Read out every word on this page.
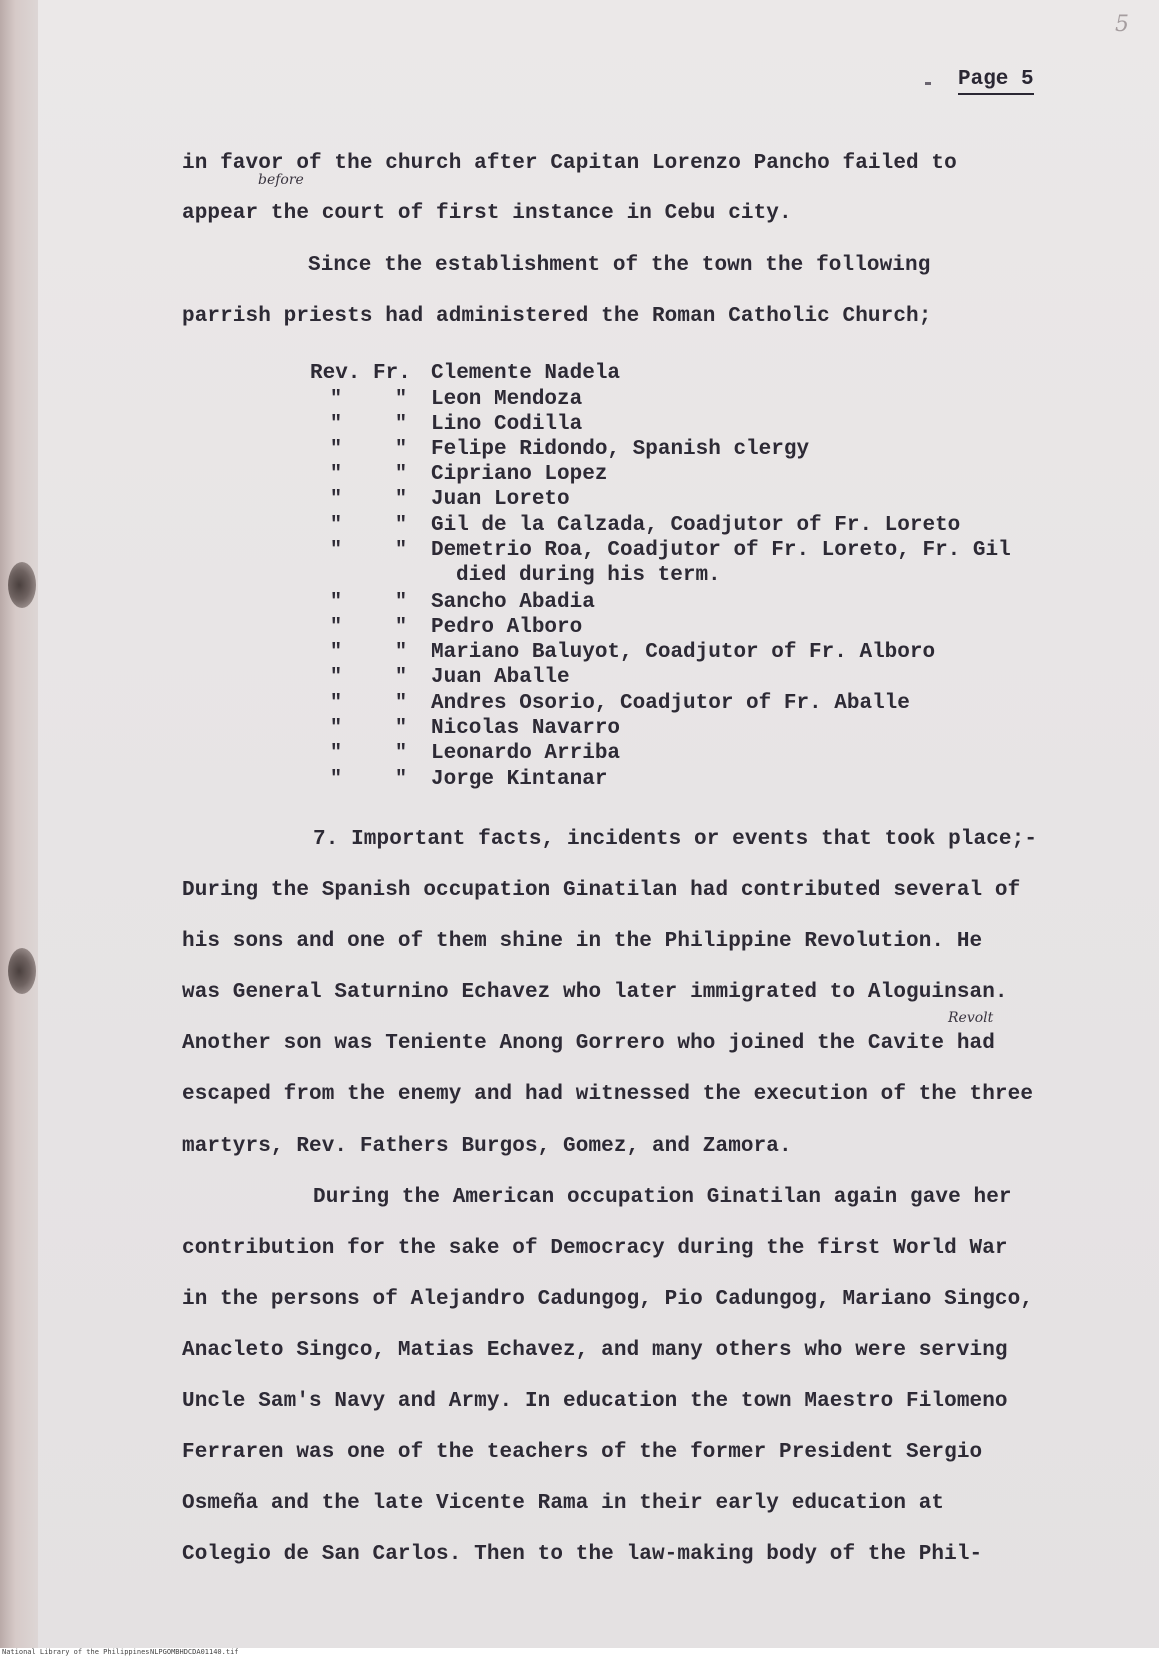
5
Page 5
in favor of the church after Capitan Lorenzo Pancho failed to
before
appear the court of first instance in Cebu city.
Since the establishment of the town the following
parrish priests had administered the Roman Catholic Church;
Rev. Fr. Clemente Nadela
"	" Leon Mendoza
"	" Lino Codilla
"	" Felipe Ridondo, Spanish clergy
"	" Cipriano Lopez
"	" Juan Loreto
"	" Gil de la Calzada, Coadjutor of Fr. Loreto
"	" Demetrio Roa, Coadjutor of Fr. Loreto, Fr. Gil
died during his term.
"	" Sancho Abadia
"	" Pedro Alboro
"	" Mariano Baluyot, Coadjutor of Fr. Alboro
"	" Juan Aballe
"	" Andres Osorio, Coadjutor of Fr. Aballe
"	" Nicolas Navarro
"	" Leonardo Arriba
"	" Jorge Kintanar
7. Important facts, incidents or events that took place;-
During the Spanish occupation Ginatilan had contributed several of
his sons and one of them shine in the Philippine Revolution. He
was General Saturnino Echavez who later immigrated to Aloguinsan.
Revolt
Another son was Teniente Anong Gorrero who joined the Cavite had
escaped from the enemy and had witnessed the execution of the three
martyrs, Rev. Fathers Burgos, Gomez, and Zamora.
During the American occupation Ginatilan again gave her
contribution for the sake of Democracy during the first World War
in the persons of Alejandro Cadungog, Pio Cadungog, Mariano Singco,
Anacleto Singco, Matias Echavez, and many others who were serving
Uncle Sam's Navy and Army. In education the town Maestro Filomeno
Ferraren was one of the teachers of the former President Sergio
Osmeña and the late Vicente Rama in their early education at
Colegio de San Carlos. Then to the law-making body of the Phil-
National Library of the Philippines NLPGOMBHDCDA01140.tif
